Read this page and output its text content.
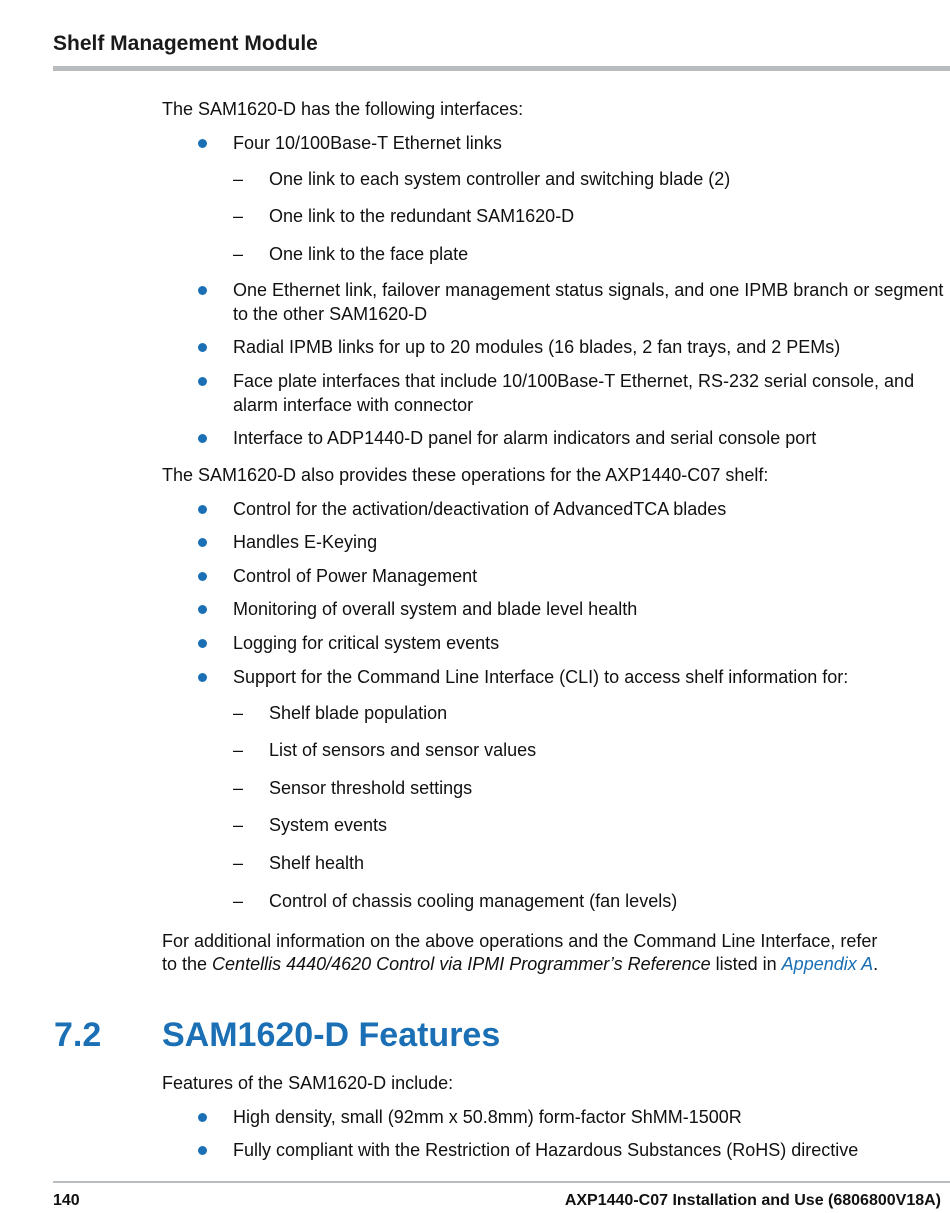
Shelf Management Module
The SAM1620-D has the following interfaces:
Four 10/100Base-T Ethernet links
– One link to each system controller and switching blade (2)
– One link to the redundant SAM1620-D
– One link to the face plate
One Ethernet link, failover management status signals, and one IPMB branch or segment to the other SAM1620-D
Radial IPMB links for up to 20 modules (16 blades, 2 fan trays, and 2 PEMs)
Face plate interfaces that include 10/100Base-T Ethernet, RS-232 serial console, and alarm interface with connector
Interface to ADP1440-D panel for alarm indicators and serial console port
The SAM1620-D also provides these operations for the AXP1440-C07 shelf:
Control for the activation/deactivation of AdvancedTCA blades
Handles E-Keying
Control of Power Management
Monitoring of overall system and blade level health
Logging for critical system events
Support for the Command Line Interface (CLI) to access shelf information for:
– Shelf blade population
– List of sensors and sensor values
– Sensor threshold settings
– System events
– Shelf health
– Control of chassis cooling management (fan levels)
For additional information on the above operations and the Command Line Interface, refer
to the Centellis 4440/4620 Control via IPMI Programmer’s Reference listed in Appendix A.
7.2 SAM1620-D Features
Features of the SAM1620-D include:
High density, small (92mm x 50.8mm) form-factor ShMM-1500R
Fully compliant with the Restriction of Hazardous Substances (RoHS) directive
140	AXP1440-C07 Installation and Use (6806800V18A)
